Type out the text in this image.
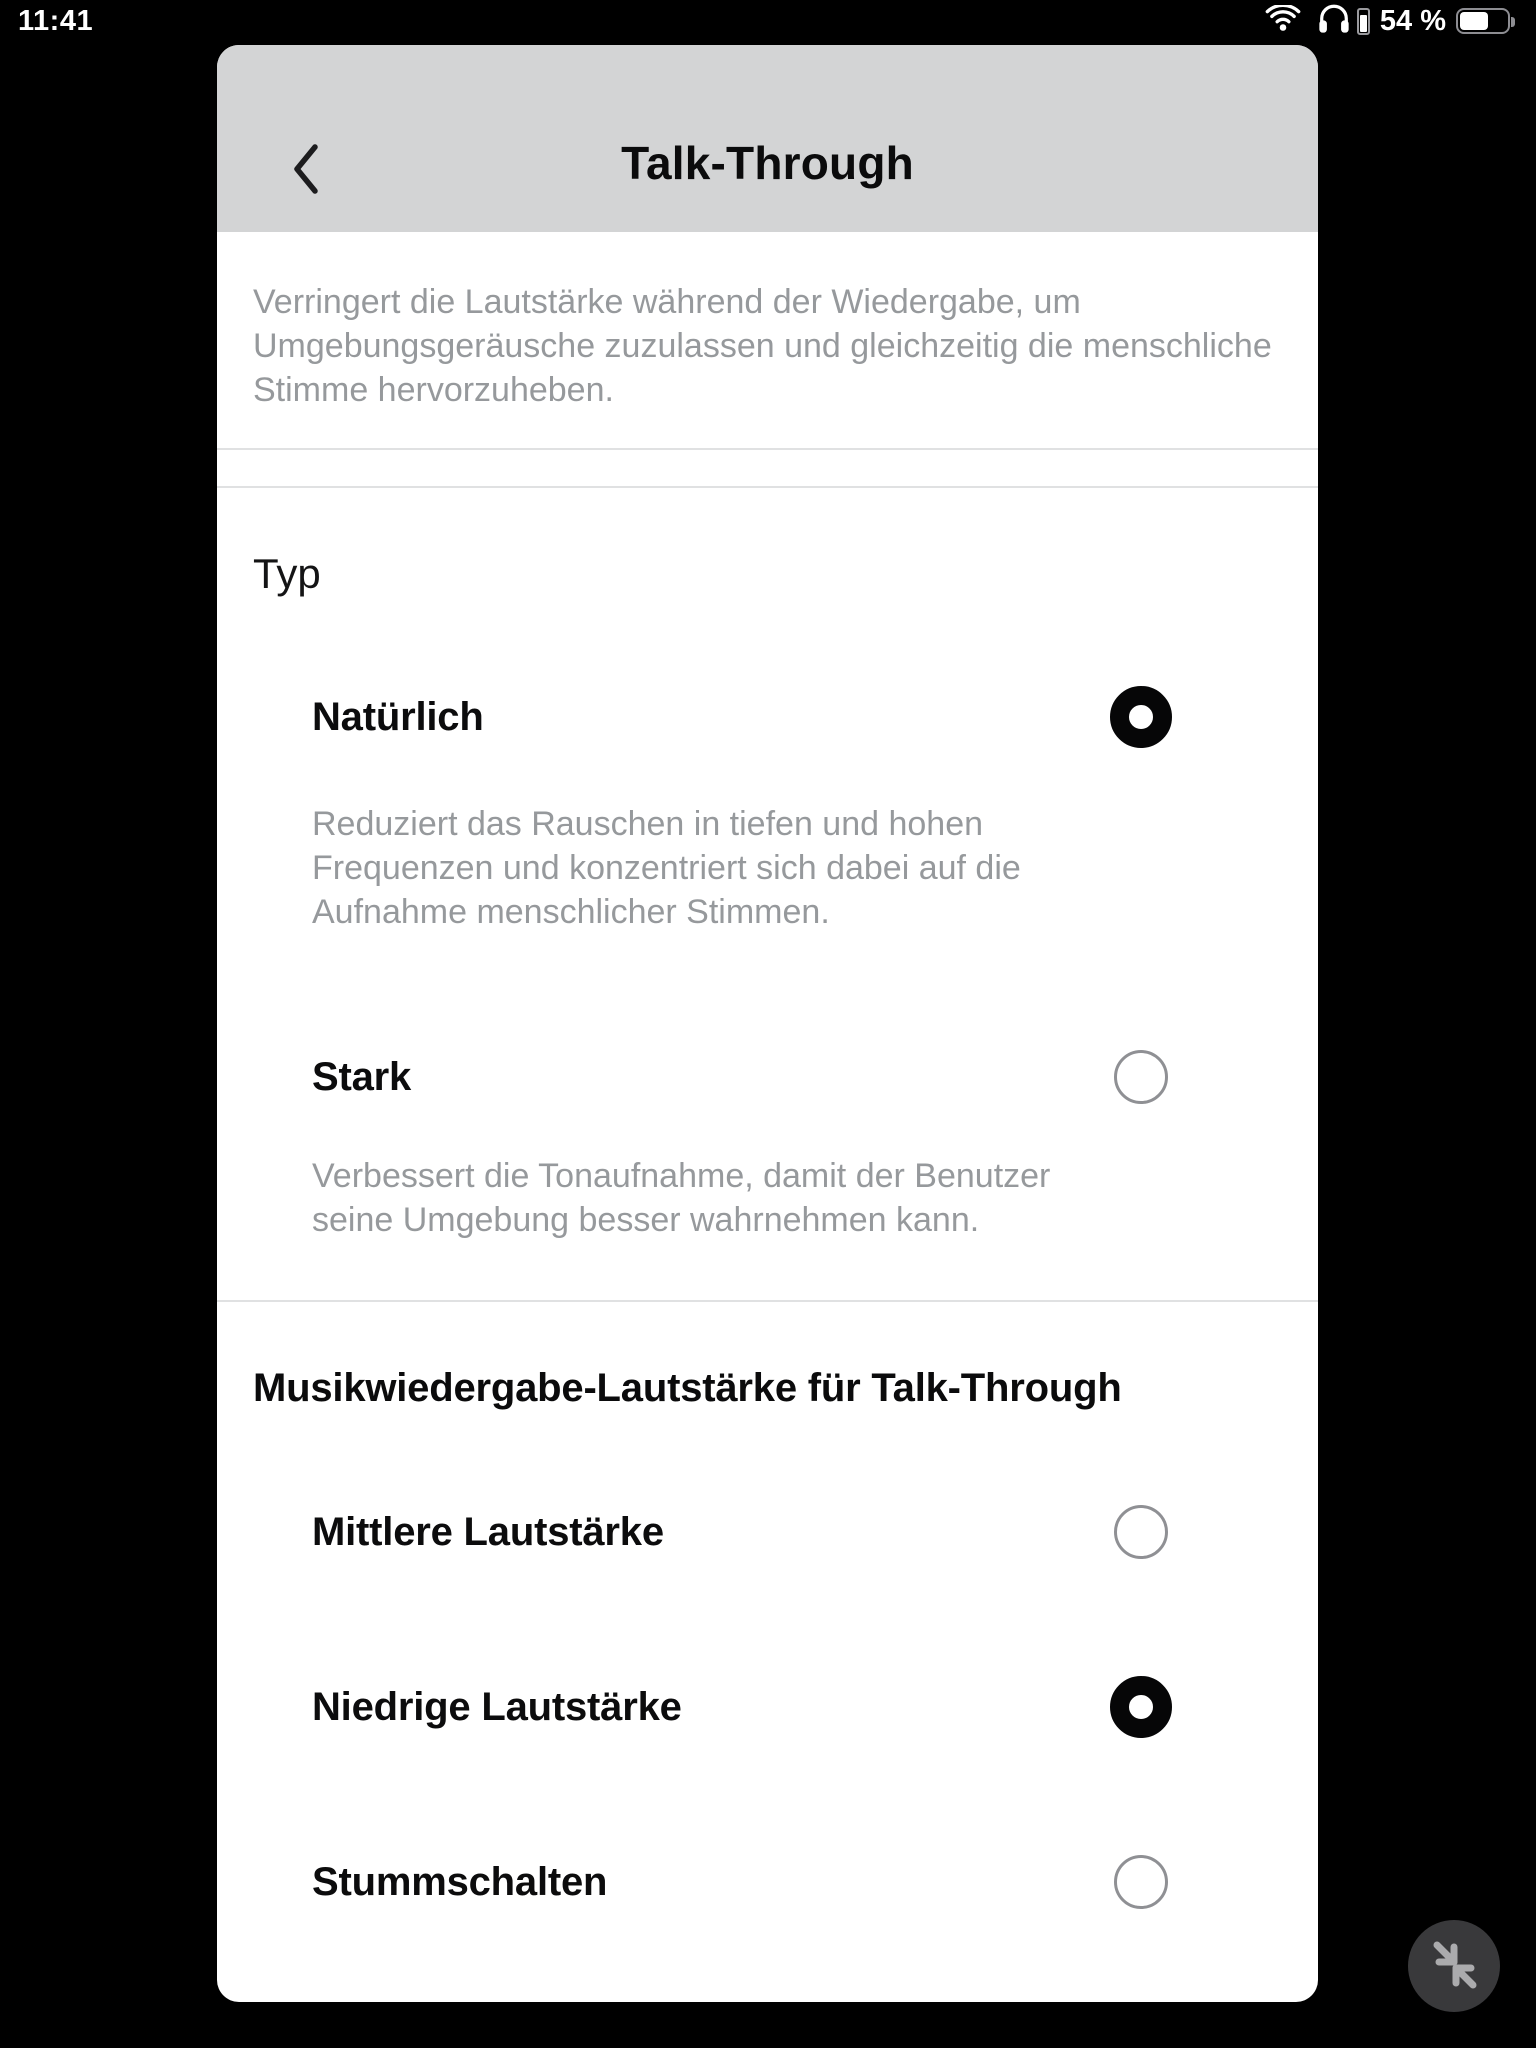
11:41	54 %
Talk-Through
Verringert die Lautstärke während der Wiedergabe, um Umgebungsgeräusche zuzulassen und gleichzeitig die menschliche Stimme hervorzuheben.
Typ
Natürlich
Reduziert das Rauschen in tiefen und hohen Frequenzen und konzentriert sich dabei auf die Aufnahme menschlicher Stimmen.
Stark
Verbessert die Tonaufnahme, damit der Benutzer seine Umgebung besser wahrnehmen kann.
Musikwiedergabe-Lautstärke für Talk-Through
Mittlere Lautstärke
Niedrige Lautstärke
Stummschalten
